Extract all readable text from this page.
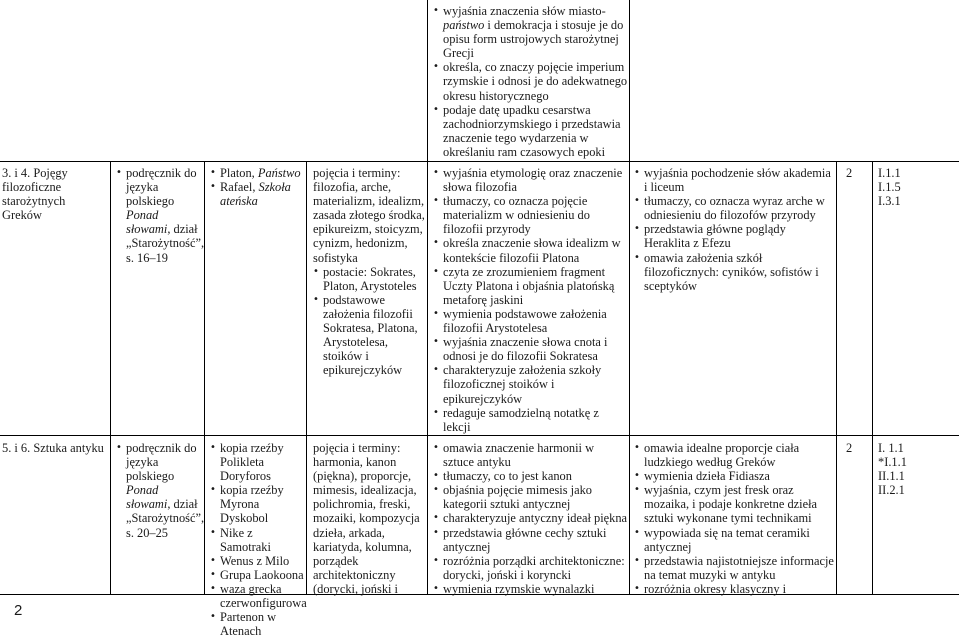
• wyjaśnia znaczenia słów miasto-państwo i demokracja i stosuje je do opisu form ustrojowych starożytnej Grecji
• określa, co znaczy pojęcie imperium rzymskie i odnosi je do adekwatnego okresu historycznego
• podaje datę upadku cesarstwa zachodniorzymskiego i przedstawia znaczenie tego wydarzenia w określaniu ram czasowych epoki
3. i 4. Pojęgy filozoficzne starożytnych Greków
• podręcznik do języka polskiego Ponad słowami, dział „Starożytność”, s. 16–19
• Platon, Państwo
• Rafael, Szkoła ateńska
pojęcia i terminy: filozofia, arche, materializm, idealizm, zasada złotego środka, epikureizm, stoicyzm, cynizm, hedonizm, sofistyka
• postacie: Sokrates, Platon, Arystoteles
• podstawowe założenia filozofii Sokratesa, Platona, Arystotelesa, stoików i epikurejczyków
• wyjaśnia etymologię oraz znaczenie słowa filozofia
• tłumaczy, co oznacza pojęcie materializm w odniesieniu do filozofii przyrody
• określa znaczenie słowa idealizm w kontekście filozofii Platona
• czyta ze zrozumieniem fragment Uczty Platona i objaśnia platońską metaforę jaskini
• wymienia podstawowe założenia filozofii Arystotelesa
• wyjaśnia znaczenie słowa cnota i odnosi je do filozofii Sokratesa
• charakteryzuje założenia szkoły filozoficznej stoików i epikurejczyków
• redaguje samodzielną notatkę z lekcji
• wyjaśnia pochodzenie słów akademia i liceum
• tłumaczy, co oznacza wyraz arche w odniesieniu do filozofów przyrody
• przedstawia główne poglądy Heraklita z Efezu
• omawia założenia szkół filozoficznych: cyników, sofistów i sceptyków
2	I.1.1
I.1.5
I.3.1
5. i 6. Sztuka antyku
•	podręcznik do języka polskiego Ponad słowami, dział „Starożytność”, s. 20–25
• kopia rzeźby Polikleta Doryforos
• kopia rzeźby Myrona Dyskobol
• Nike z Samotraki
• Wenus z Milo
• Grupa Laokoona
• waza grecka czerwonfigurowa
• Partenon w Atenach
pojęcia i terminy: harmonia, kanon (piękna), proporcje, mimesis, idealizacja, polichromia, freski, mozaiki, kompozycja dzieła, arkada, kariatyda, kolumna, porządek architektoniczny (dorycki, joński i
• omawia znaczenie harmonii w sztuce antyku
• tłumaczy, co to jest kanon
• objaśnia pojęcie mimesis jako kategorii sztuki antycznej
• charakteryzuje antyczny ideał piękna
• przedstawia główne cechy sztuki antycznej
• rozróżnia porządki architektoniczne: dorycki, joński i koryncki
• wymienia rzymskie wynalazki
• omawia idealne proporcje ciała ludzkiego według Greków
• wymienia dzieła Fidiasza
• wyjaśnia, czym jest fresk oraz mozaika, i podaje konkretne dzieła sztuki wykonane tymi technikami
• wypowiada się na temat ceramiki antycznej
• przedstawia najistotniejsze informacje na temat muzyki w antyku
• rozróżnia okresy klasyczny i
2	I. 1.1
*I.1.1
II.1.1
II.2.1
2
